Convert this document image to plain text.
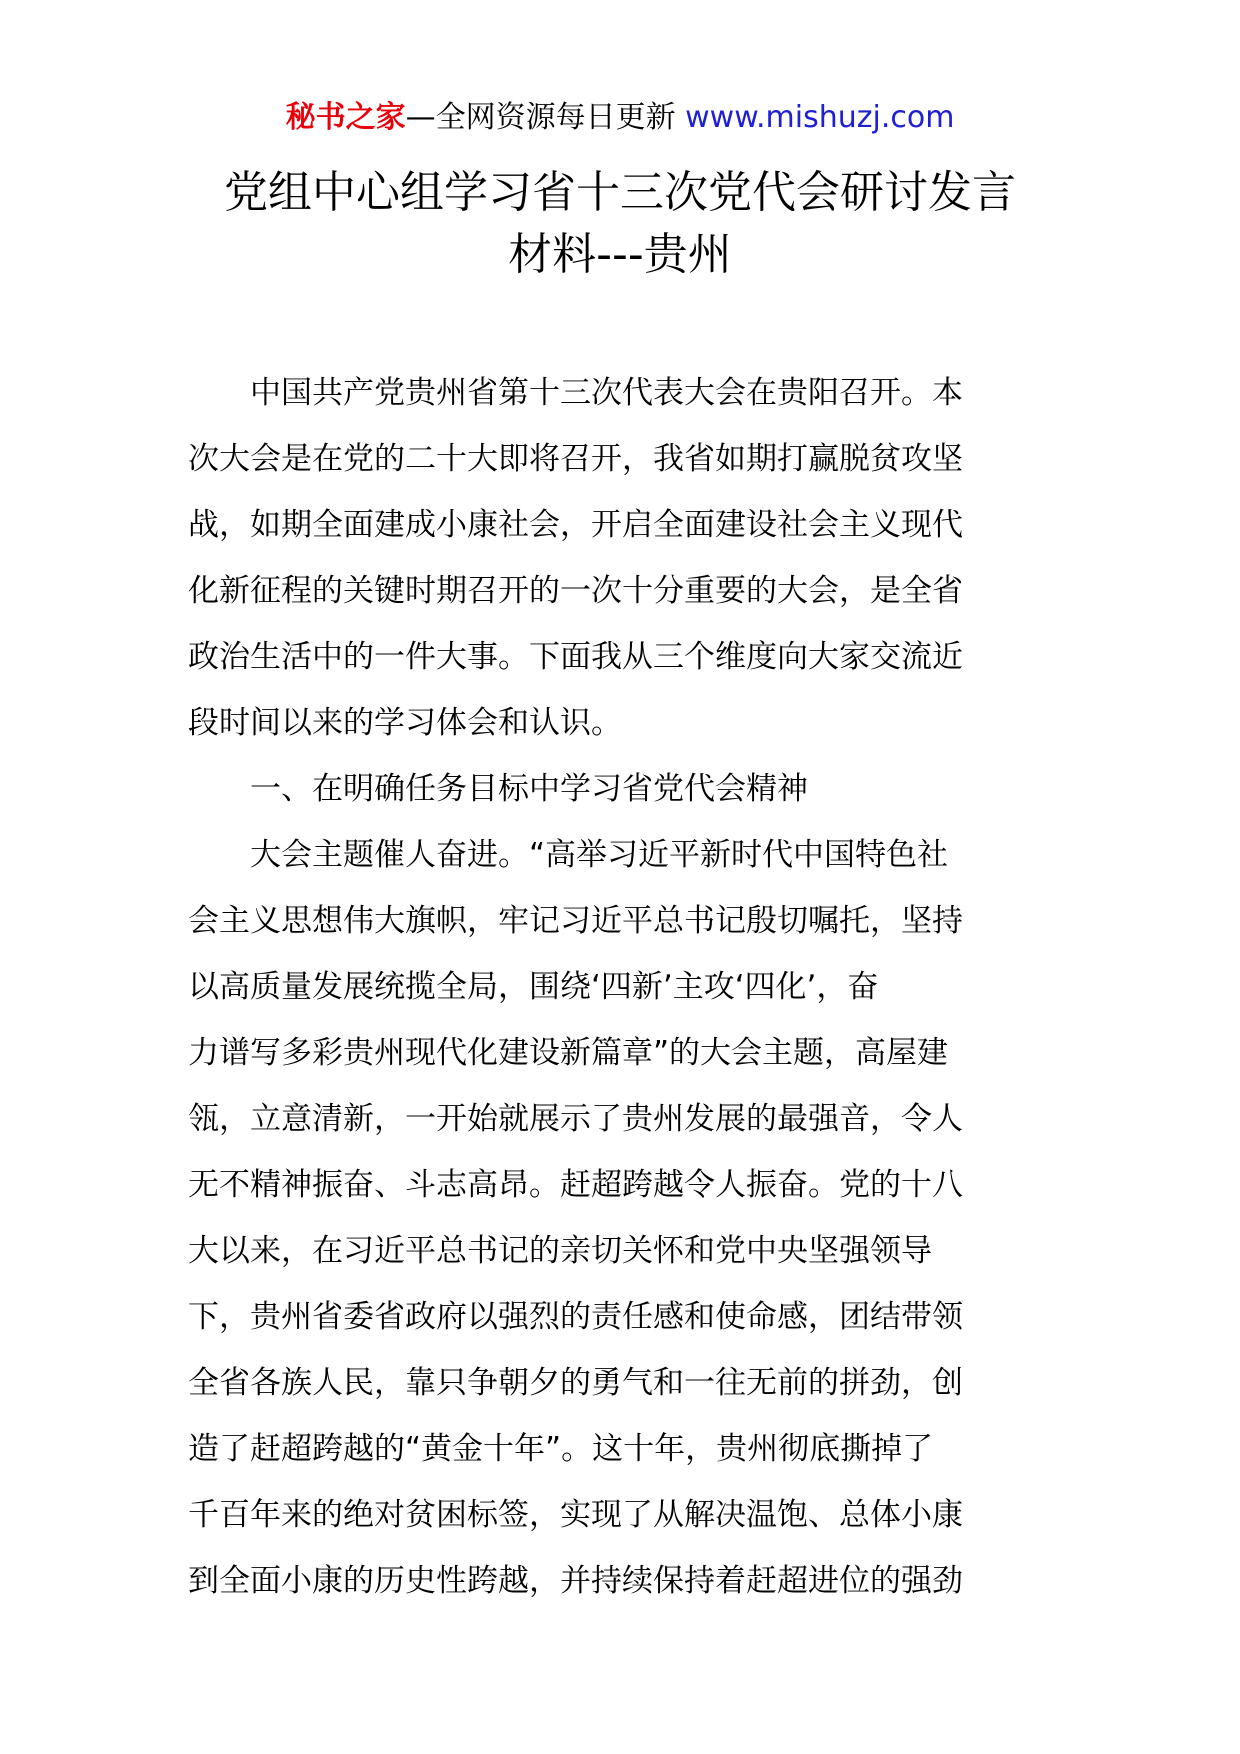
秘书之家—全网资源每日更新 www.mishuzj.com
党组中心组学习省十三次党代会研讨发言
材料---贵州

　　中国共产党贵州省第十三次代表大会在贵阳召开。本

次大会是在党的二十大即将召开，我省如期打赢脱贫攻坚

战，如期全面建成小康社会，开启全面建设社会主义现代

化新征程的关键时期召开的一次十分重要的大会，是全省

政治生活中的一件大事。下面我从三个维度向大家交流近

段时间以来的学习体会和认识。

　　一、在明确任务目标中学习省党代会精神

　　大会主题催人奋进。“高举习近平新时代中国特色社

会主义思想伟大旗帜，牢记习近平总书记殷切嘱托，坚持

以高质量发展统揽全局，围绕‘四新’主攻‘四化’，奋

力谱写多彩贵州现代化建设新篇章”的大会主题，高屋建

瓴，立意清新，一开始就展示了贵州发展的最强音，令人

无不精神振奋、斗志高昂。赶超跨越令人振奋。党的十八

大以来，在习近平总书记的亲切关怀和党中央坚强领导

下，贵州省委省政府以强烈的责任感和使命感，团结带领

全省各族人民，靠只争朝夕的勇气和一往无前的拼劲，创

造了赶超跨越的“黄金十年”。这十年，贵州彻底撕掉了

千百年来的绝对贫困标签，实现了从解决温饱、总体小康

到全面小康的历史性跨越，并持续保持着赶超进位的强劲
